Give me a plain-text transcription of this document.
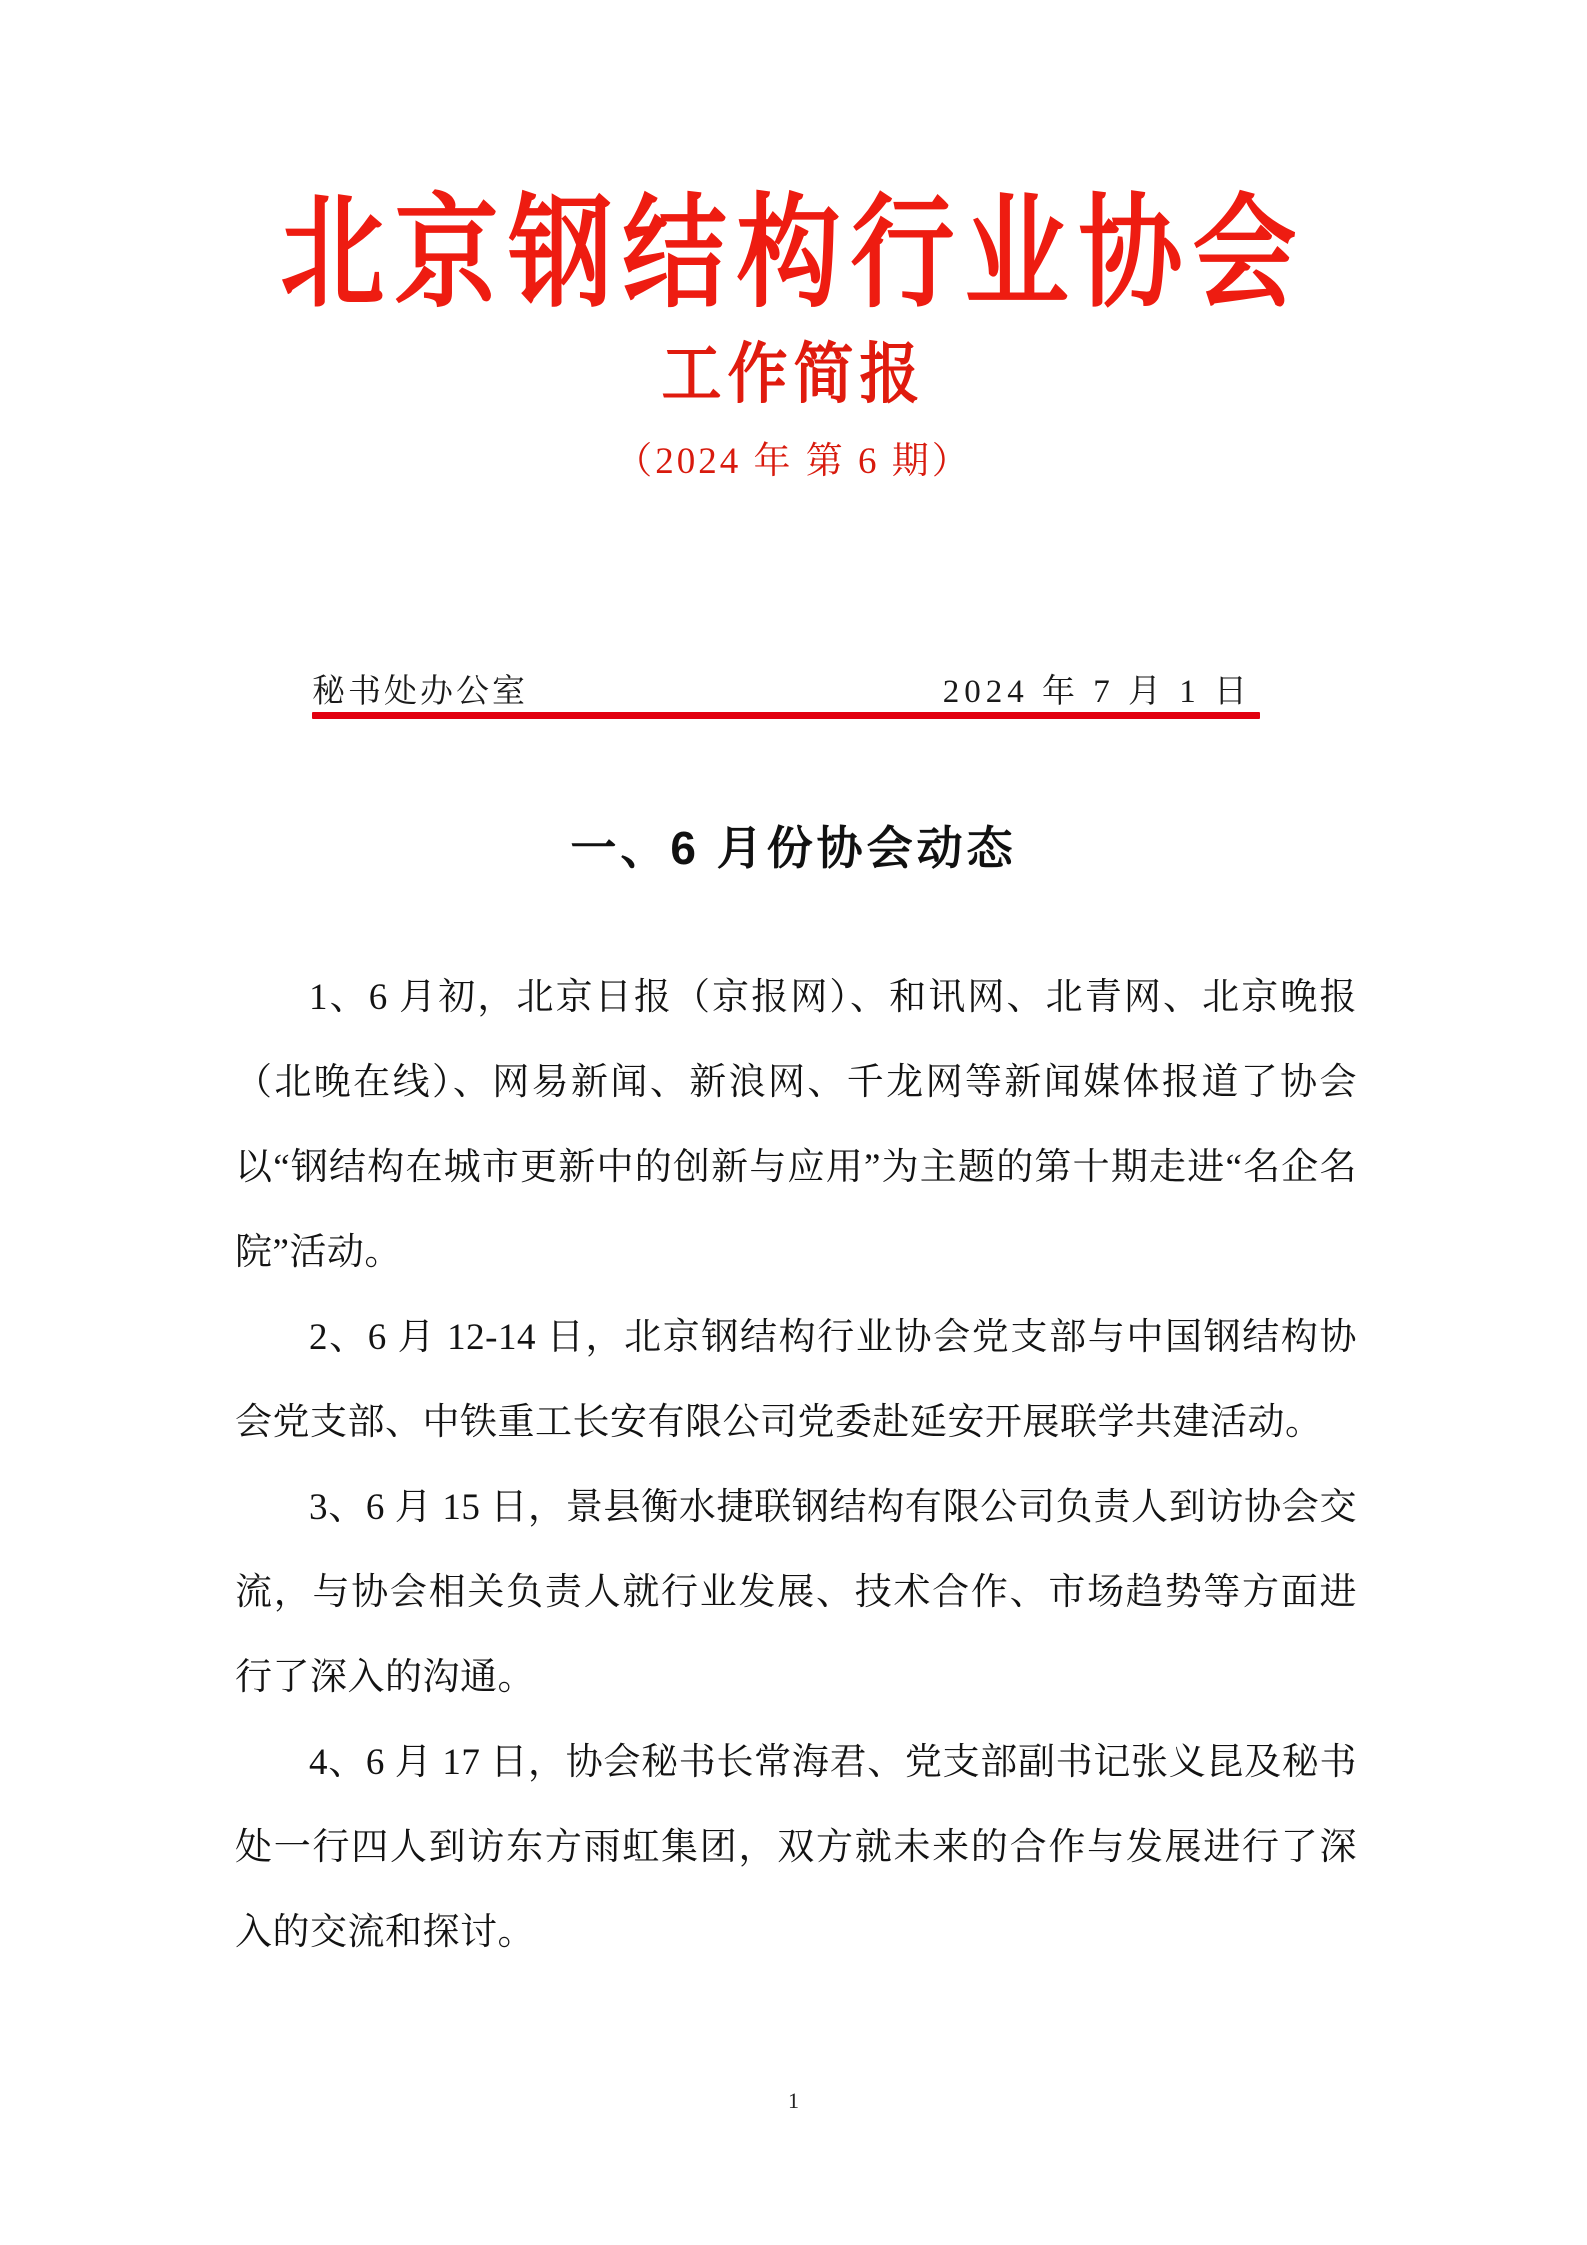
北京钢结构行业协会
工作简报
（2024 年 第 6 期）
秘书处办公室	2024 年 7 月 1 日
一、6 月份协会动态

1、6 月初，北京日报（京报网）、和讯网、北青网、北京晚报（北晚在线）、网易新闻、新浪网、千龙网等新闻媒体报道了协会以“钢结构在城市更新中的创新与应用”为主题的第十期走进“名企名院”活动。

2、6 月 12-14 日，北京钢结构行业协会党支部与中国钢结构协会党支部、中铁重工长安有限公司党委赴延安开展联学共建活动。

3、6 月 15 日，景县衡水捷联钢结构有限公司负责人到访协会交流，与协会相关负责人就行业发展、技术合作、市场趋势等方面进行了深入的沟通。

4、6 月 17 日，协会秘书长常海君、党支部副书记张义昆及秘书处一行四人到访东方雨虹集团，双方就未来的合作与发展进行了深入的交流和探讨。

1
